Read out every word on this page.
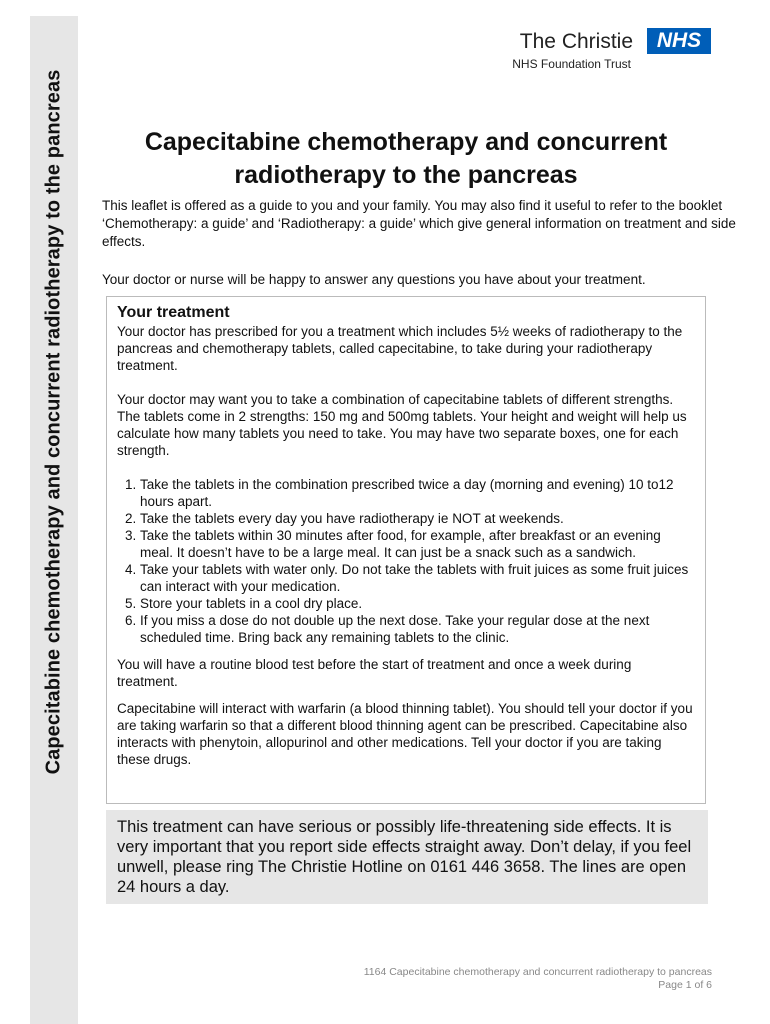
Capecitabine chemotherapy and concurrent radiotherapy to the pancreas
The Christie	NHS
NHS Foundation Trust
Capecitabine chemotherapy and concurrent radiotherapy to the pancreas

This leaflet is offered as a guide to you and your family. You may also find it useful to refer to the booklet ‘Chemotherapy: a guide’ and ‘Radiotherapy: a guide’ which give general information on treatment and side effects.

Your doctor or nurse will be happy to answer any questions you have about your treatment.

Your treatment

Your doctor has prescribed for you a treatment which includes 5½ weeks of radiotherapy to the pancreas and chemotherapy tablets, called capecitabine, to take during your radiotherapy treatment.

Your doctor may want you to take a combination of capecitabine tablets of different strengths. The tablets come in 2 strengths: 150 mg and 500mg tablets. Your height and weight will help us calculate how many tablets you need to take. You may have two separate boxes, one for each strength.

1. Take the tablets in the combination prescribed twice a day (morning and evening) 10 to12 hours apart.
2. Take the tablets every day you have radiotherapy ie NOT at weekends.
3. Take the tablets within 30 minutes after food, for example, after breakfast or an evening meal. It doesn’t have to be a large meal. It can just be a snack such as a sandwich.
4. Take your tablets with water only. Do not take the tablets with fruit juices as some fruit juices can interact with your medication.
5. Store your tablets in a cool dry place.
6. If you miss a dose do not double up the next dose. Take your regular dose at the next scheduled time. Bring back any remaining tablets to the clinic.

You will have a routine blood test before the start of treatment and once a week during treatment.

Capecitabine will interact with warfarin (a blood thinning tablet). You should tell your doctor if you are taking warfarin so that a different blood thinning agent can be prescribed. Capecitabine also interacts with phenytoin, allopurinol and other medications. Tell your doctor if you are taking these drugs.

This treatment can have serious or possibly life-threatening side effects. It is very important that you report side effects straight away. Don’t delay, if you feel unwell, please ring The Christie Hotline on 0161 446 3658. The lines are open 24 hours a day.

1164 Capecitabine chemotherapy and concurrent radiotherapy to pancreas
Page 1 of 6
